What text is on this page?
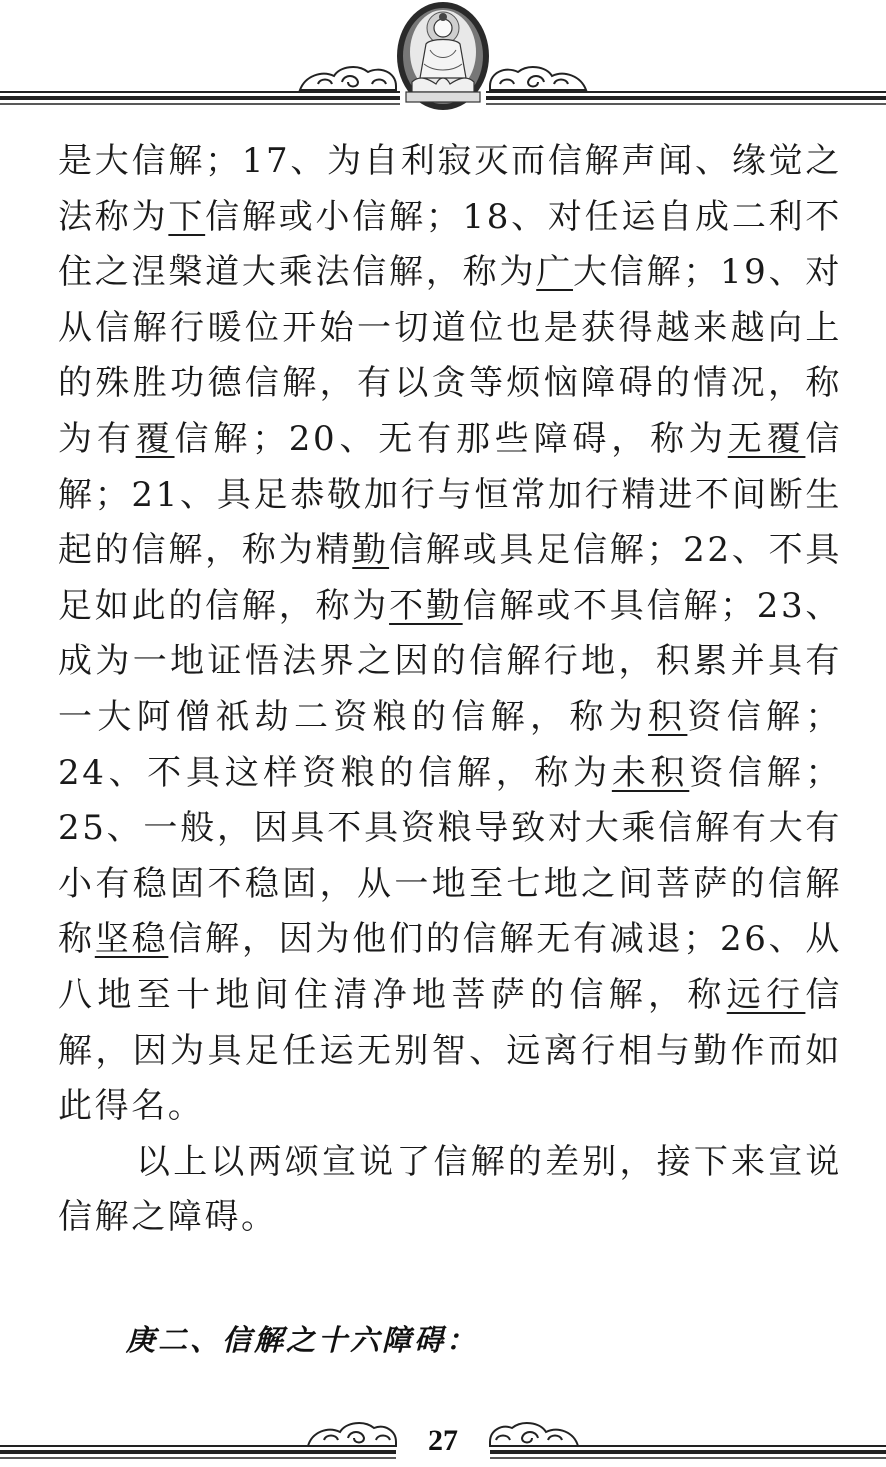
是大信解；17、为自利寂灭而信解声闻、缘觉之法称为下信解或小信解；18、对任运自成二利不住之涅槃道大乘法信解，称为广大信解；19、对从信解行暖位开始一切道位也是获得越来越向上的殊胜功德信解，有以贪等烦恼障碍的情况，称为有覆信解；20、无有那些障碍，称为无覆信解；21、具足恭敬加行与恒常加行精进不间断生起的信解，称为精勤信解或具足信解；22、不具足如此的信解，称为不勤信解或不具信解；23、成为一地证悟法界之因的信解行地，积累并具有一大阿僧祇劫二资粮的信解，称为积资信解；24、不具这样资粮的信解，称为未积资信解；25、一般，因具不具资粮导致对大乘信解有大有小有稳固不稳固，从一地至七地之间菩萨的信解称坚稳信解，因为他们的信解无有减退；26、从八地至十地间住清净地菩萨的信解，称远行信解，因为具足任运无别智、远离行相与勤作而如此得名。

以上以两颂宣说了信解的差别，接下来宣说信解之障碍。

庚二、信解之十六障碍：

27
